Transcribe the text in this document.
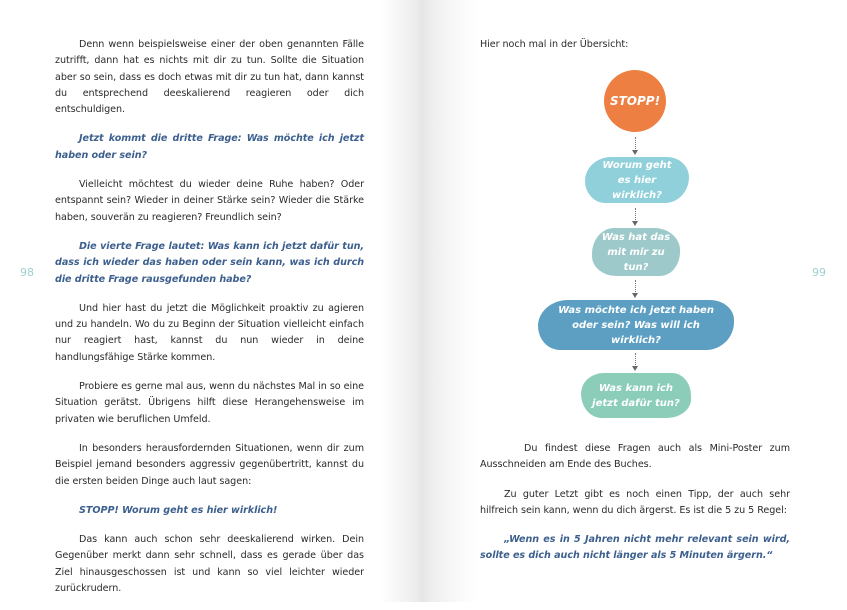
Denn wenn beispielsweise einer der oben genannten Fälle zutrifft, dann hat es nichts mit dir zu tun. Sollte die Situation aber so sein, dass es doch etwas mit dir zu tun hat, dann kannst du entsprechend deeskalierend reagieren oder dich entschuldigen.

Jetzt kommt die dritte Frage: Was möchte ich jetzt haben oder sein?

Vielleicht möchtest du wieder deine Ruhe haben? Oder entspannt sein? Wieder in deiner Stärke sein? Wieder die Stärke haben, souverän zu reagieren? Freundlich sein?

Die vierte Frage lautet: Was kann ich jetzt dafür tun, dass ich wieder das haben oder sein kann, was ich durch die dritte Frage rausgefunden habe?

Und hier hast du jetzt die Möglichkeit proaktiv zu agieren und zu handeln. Wo du zu Beginn der Situation vielleicht einfach nur reagiert hast, kannst du nun wieder in deine handlungsfähige Stärke kommen.

Probiere es gerne mal aus, wenn du nächstes Mal in so eine Situation gerätst. Übrigens hilft diese Herangehensweise im privaten wie beruflichen Umfeld.

In besonders herausfordernden Situationen, wenn dir zum Beispiel jemand besonders aggressiv gegenübertritt, kannst du die ersten beiden Dinge auch laut sagen:

STOPP! Worum geht es hier wirklich!

Das kann auch schon sehr deeskalierend wirken. Dein Gegenüber merkt dann sehr schnell, dass es gerade über das Ziel hinausgeschossen ist und kann so viel leichter wieder zurückrudern.

98

Hier noch mal in der Übersicht:

STOPP!
Worum geht es hier wirklich?
Was hat das mit mir zu tun?
Was möchte ich jetzt haben oder sein? Was will ich wirklich?
Was kann ich jetzt dafür tun?

Du findest diese Fragen auch als Mini-Poster zum Ausschneiden am Ende des Buches.

Zu guter Letzt gibt es noch einen Tipp, der auch sehr hilfreich sein kann, wenn du dich ärgerst. Es ist die 5 zu 5 Regel:

„Wenn es in 5 Jahren nicht mehr relevant sein wird, sollte es dich auch nicht länger als 5 Minuten ärgern.“

99
